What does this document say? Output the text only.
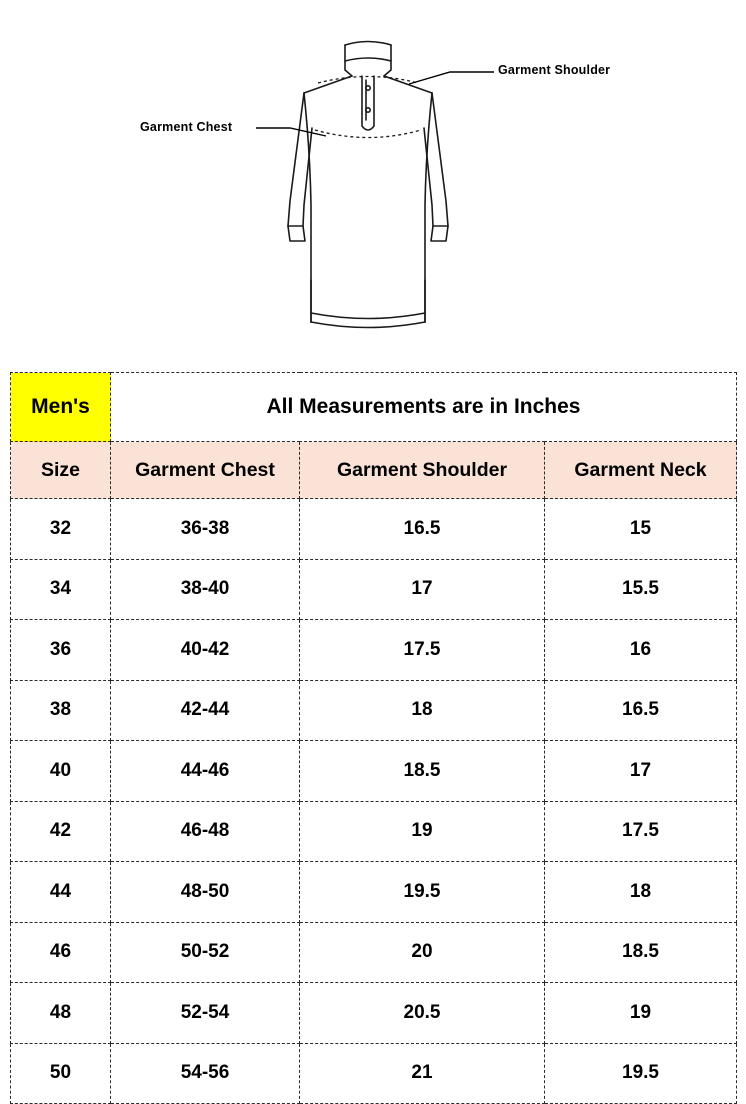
Garment Shoulder
Garment Chest
Men's	All Measurements are in Inches		
Size	Garment Chest	Garment Shoulder	Garment Neck
32	36-38	16.5	15
34	38-40	17	15.5
36	40-42	17.5	16
38	42-44	18	16.5
40	44-46	18.5	17
42	46-48	19	17.5
44	48-50	19.5	18
46	50-52	20	18.5
48	52-54	20.5	19
50	54-56	21	19.5
